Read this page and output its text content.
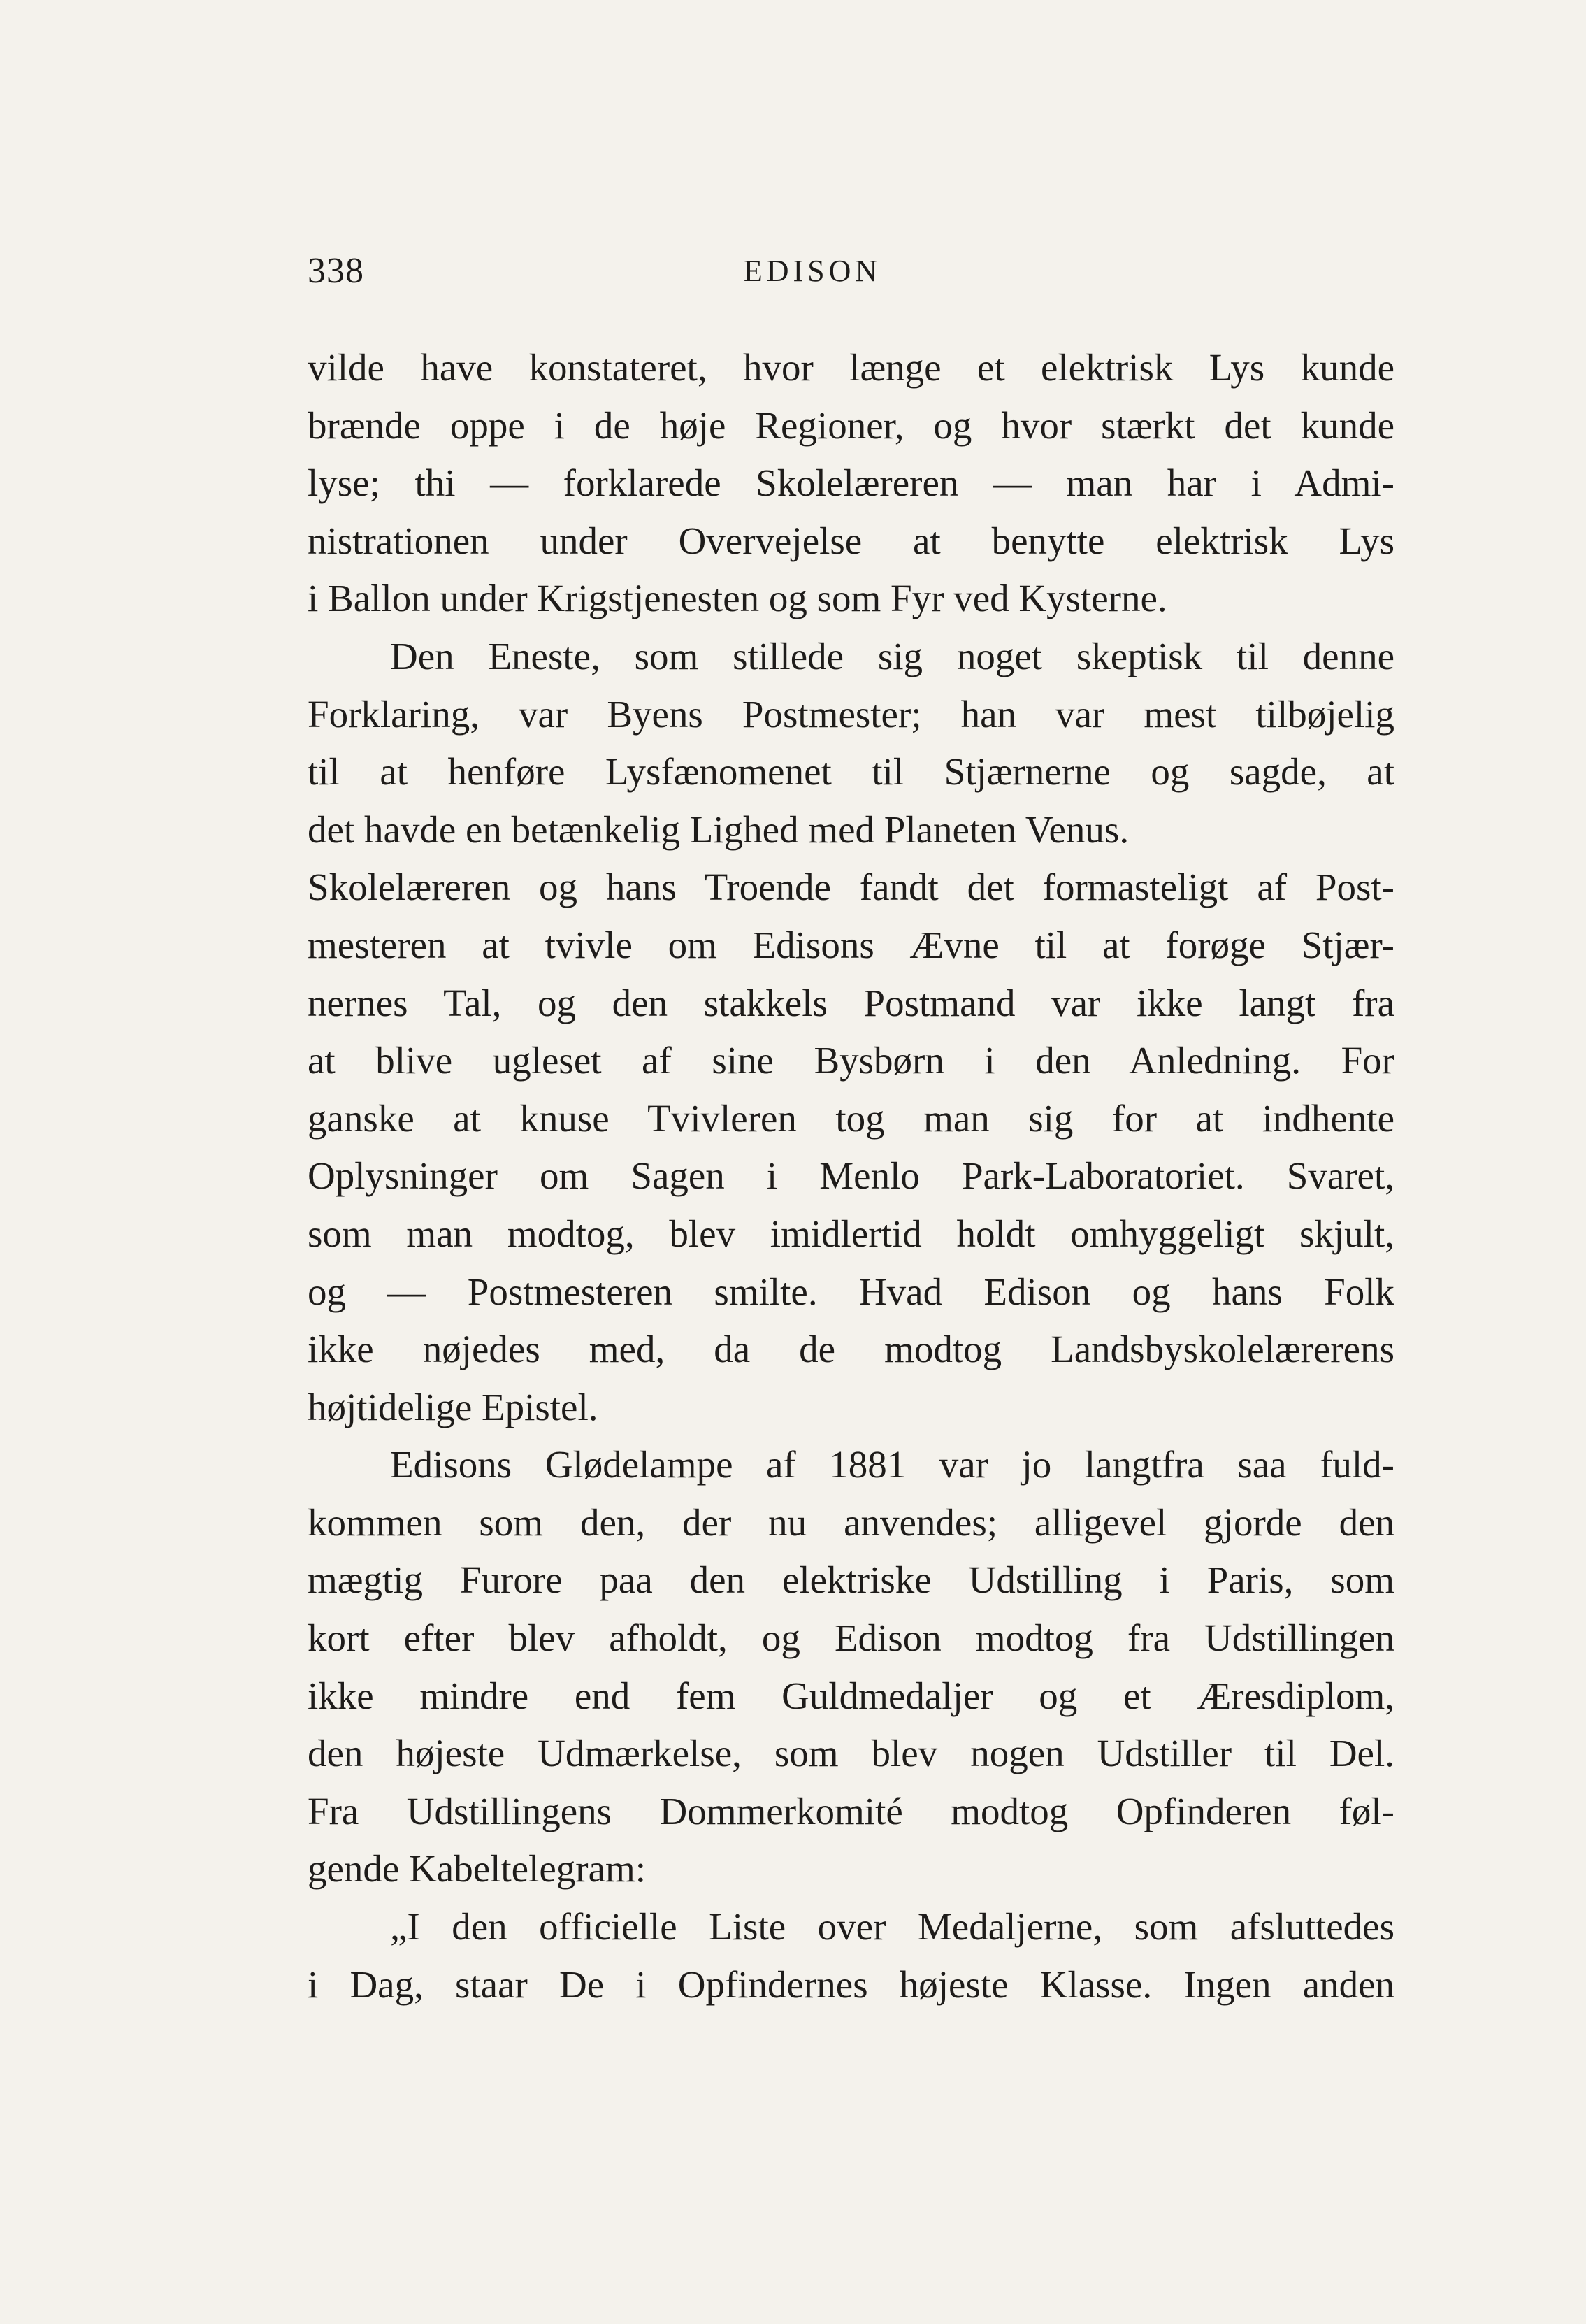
338	EDISON
vilde have konstateret, hvor længe et elektrisk Lys kunde
brænde oppe i de høje Regioner, og hvor stærkt det kunde
lyse; thi — forklarede Skolelæreren — man har i Admi-
nistrationen under Overvejelse at benytte elektrisk Lys
i Ballon under Krigstjenesten og som Fyr ved Kysterne.
Den Eneste, som stillede sig noget skeptisk til denne
Forklaring, var Byens Postmester; han var mest tilbøjelig
til at henføre Lysfænomenet til Stjærnerne og sagde, at
det havde en betænkelig Lighed med Planeten Venus.
Skolelæreren og hans Troende fandt det formasteligt af Post-
mesteren at tvivle om Edisons Ævne til at forøge Stjær-
nernes Tal, og den stakkels Postmand var ikke langt fra
at blive ugleset af sine Bysbørn i den Anledning. For
ganske at knuse Tvivleren tog man sig for at indhente
Oplysninger om Sagen i Menlo Park-Laboratoriet. Svaret,
som man modtog, blev imidlertid holdt omhyggeligt skjult,
og — Postmesteren smilte. Hvad Edison og hans Folk
ikke nøjedes med, da de modtog Landsbyskolelærerens
højtidelige Epistel.
Edisons Glødelampe af 1881 var jo langtfra saa fuld-
kommen som den, der nu anvendes; alligevel gjorde den
mægtig Furore paa den elektriske Udstilling i Paris, som
kort efter blev afholdt, og Edison modtog fra Udstillingen
ikke mindre end fem Guldmedaljer og et Æresdiplom,
den højeste Udmærkelse, som blev nogen Udstiller til Del.
Fra Udstillingens Dommerkomité modtog Opfinderen føl-
gende Kabeltelegram:
„I den officielle Liste over Medaljerne, som afsluttedes
i Dag, staar De i Opfindernes højeste Klasse. Ingen anden
